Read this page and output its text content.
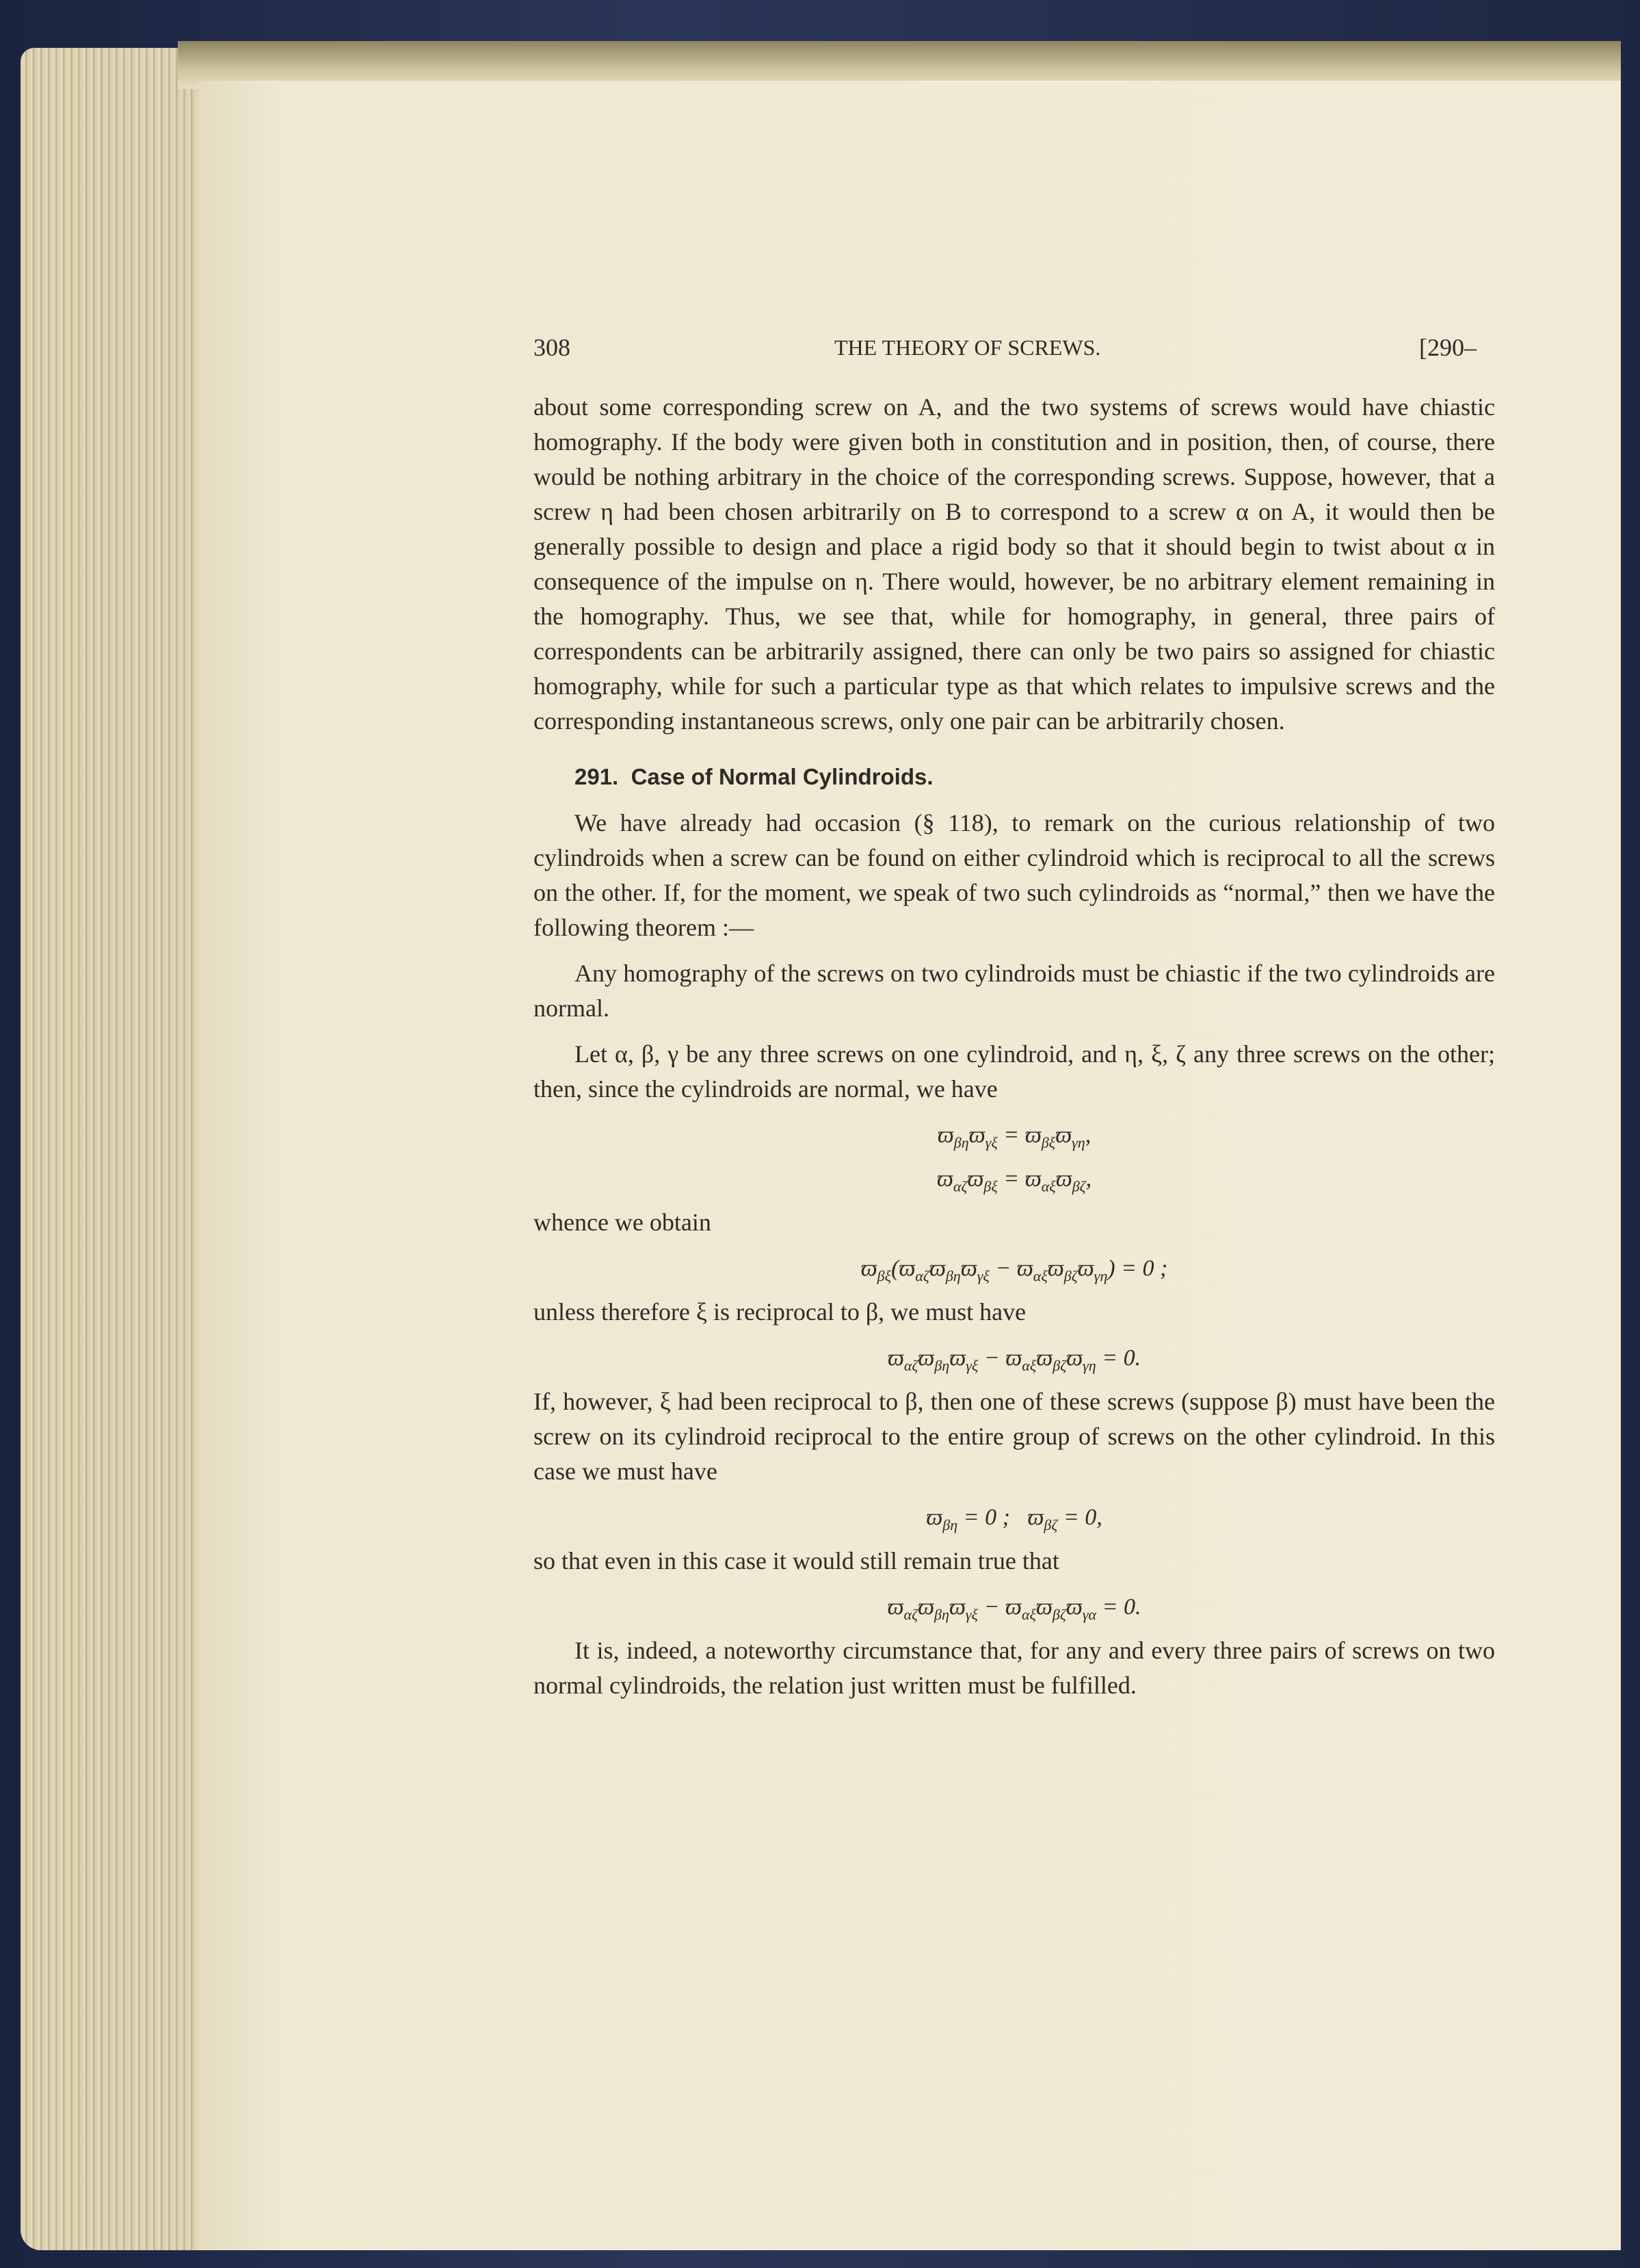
308	THE THEORY OF SCREWS.	[290–
about some corresponding screw on A, and the two systems of screws would have chiastic homography. If the body were given both in constitution and in position, then, of course, there would be nothing arbitrary in the choice of the corresponding screws. Suppose, however, that a screw η had been chosen arbitrarily on B to correspond to a screw α on A, it would then be generally possible to design and place a rigid body so that it should begin to twist about α in consequence of the impulse on η. There would, however, be no arbitrary element remaining in the homography. Thus, we see that, while for homography, in general, three pairs of correspondents can be arbitrarily assigned, there can only be two pairs so assigned for chiastic homography, while for such a particular type as that which relates to impulsive screws and the corresponding instantaneous screws, only one pair can be arbitrarily chosen.
291. Case of Normal Cylindroids.
We have already had occasion (§ 118), to remark on the curious relationship of two cylindroids when a screw can be found on either cylindroid which is reciprocal to all the screws on the other. If, for the moment, we speak of two such cylindroids as “normal,” then we have the following theorem :—
Any homography of the screws on two cylindroids must be chiastic if the two cylindroids are normal.
Let α, β, γ be any three screws on one cylindroid, and η, ξ, ζ any three screws on the other; then, since the cylindroids are normal, we have
$ϖ_{\beta\eta}ϖ_{\gamma\xi} = ϖ_{\beta\xi}ϖ_{\gamma\eta}$,
$ϖ_{\alpha\zeta}ϖ_{\beta\xi} = ϖ_{\alpha\xi}ϖ_{\beta\zeta}$,
whence we obtain
$ϖ_{\beta\xi}(ϖ_{\alpha\zeta}ϖ_{\beta\eta}ϖ_{\gamma\xi} - ϖ_{\alpha\xi}ϖ_{\beta\zeta}ϖ_{\gamma\eta}) = 0$ ;
unless therefore ξ is reciprocal to β, we must have
$ϖ_{\alpha\zeta}ϖ_{\beta\eta}ϖ_{\gamma\xi} - ϖ_{\alpha\xi}ϖ_{\beta\zeta}ϖ_{\gamma\eta} = 0$.
If, however, ξ had been reciprocal to β, then one of these screws (suppose β) must have been the screw on its cylindroid reciprocal to the entire group of screws on the other cylindroid. In this case we must have
$ϖ_{\beta\eta} = 0$ ;   $ϖ_{\beta\zeta} = 0$,
so that even in this case it would still remain true that
$ϖ_{\alpha\zeta}ϖ_{\beta\eta}ϖ_{\gamma\xi} - ϖ_{\alpha\xi}ϖ_{\beta\zeta}ϖ_{\gamma\alpha} = 0$.
It is, indeed, a noteworthy circumstance that, for any and every three pairs of screws on two normal cylindroids, the relation just written must be fulfilled.
